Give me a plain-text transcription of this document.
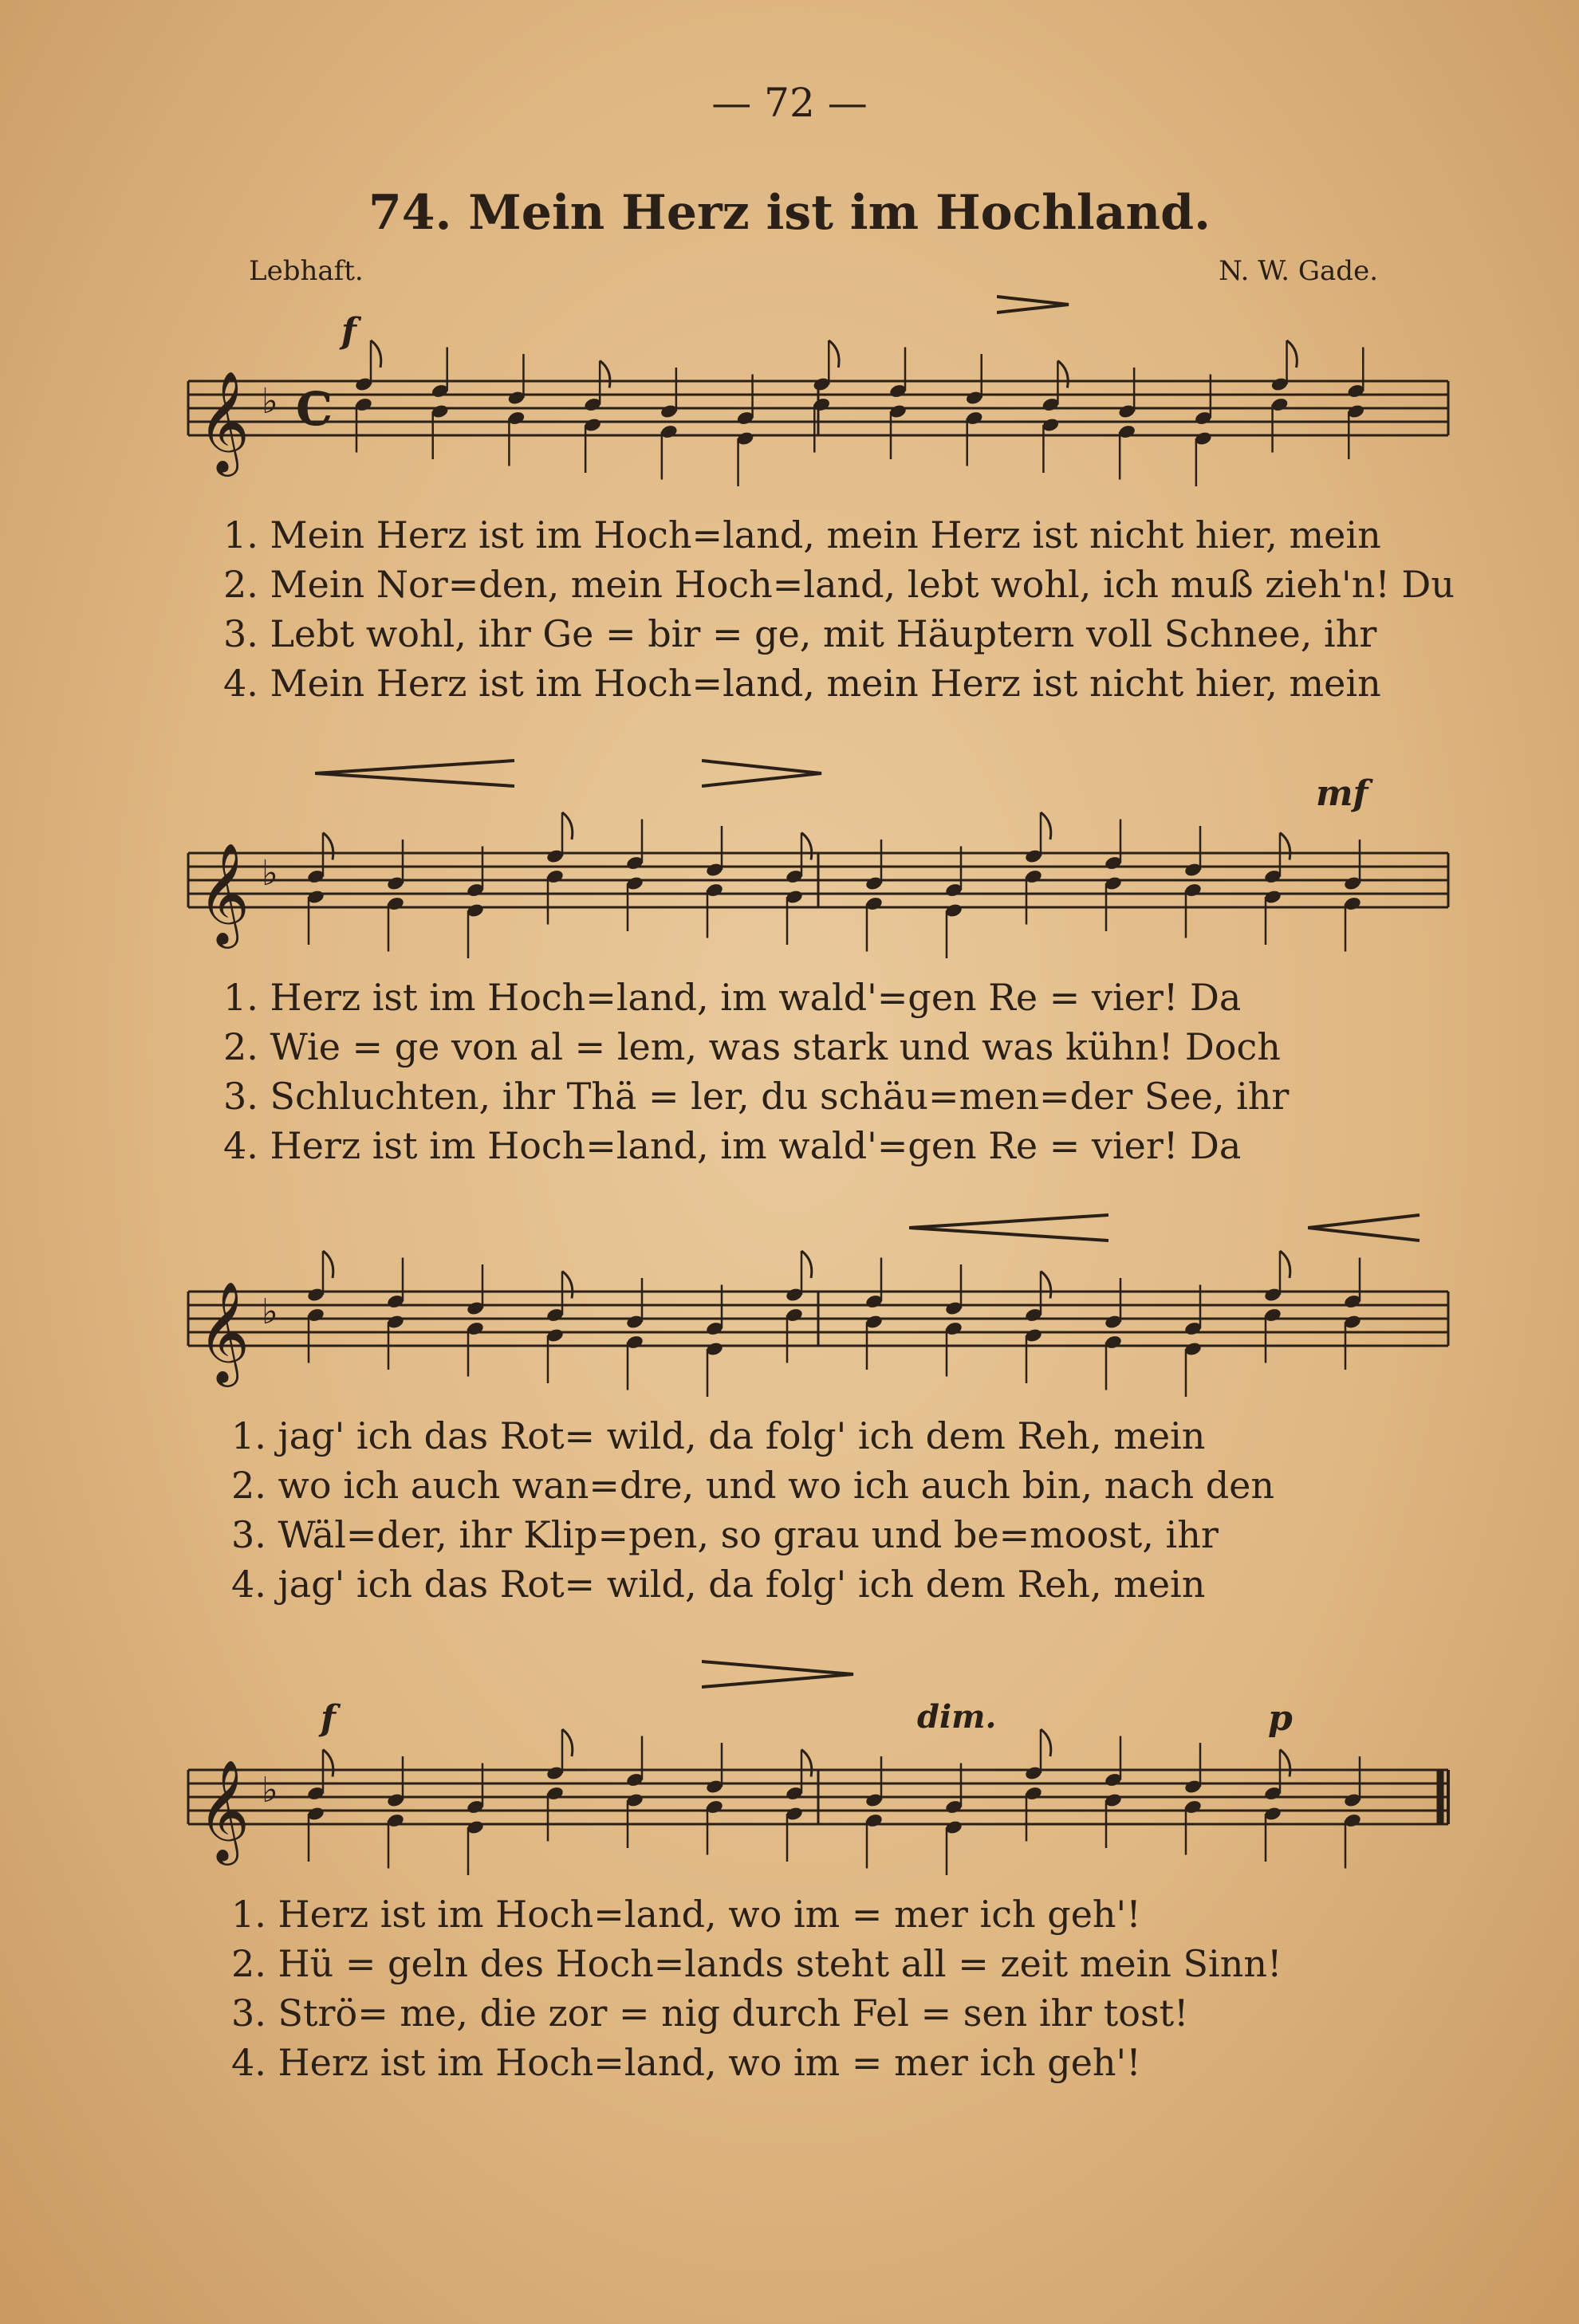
— 72 —
74. Mein Herz ist im Hochland.
Lebhaft.	N. W. Gade.
f
𝄞 ♭ C
1. Mein Herz ist im Hoch=land, mein Herz ist nicht hier, mein
2. Mein Nor=den, mein Hoch=land, lebt wohl, ich muß zieh'n! Du
3. Lebt wohl, ihr Ge = bir = ge, mit Häuptern voll Schnee, ihr
4. Mein Herz ist im Hoch=land, mein Herz ist nicht hier, mein
mf
𝄞 ♭
1. Herz ist im Hoch=land, im wald'=gen Re = vier! Da
2. Wie = ge von al = lem, was stark und was kühn! Doch
3. Schluchten, ihr Thä = ler, du schäu=men=der See, ihr
4. Herz ist im Hoch=land, im wald'=gen Re = vier! Da
𝄞 ♭
1. jag' ich das Rot= wild, da folg' ich dem Reh, mein
2. wo ich auch wan=dre, und wo ich auch bin, nach den
3. Wäl=der, ihr Klip=pen, so grau und be=moost, ihr
4. jag' ich das Rot= wild, da folg' ich dem Reh, mein
f	dim.	p
𝄞 ♭
1. Herz ist im Hoch=land, wo im = mer ich geh'!
2. Hü = geln des Hoch=lands steht all = zeit mein Sinn!
3. Strö= me, die zor = nig durch Fel = sen ihr tost!
4. Herz ist im Hoch=land, wo im = mer ich geh'!
